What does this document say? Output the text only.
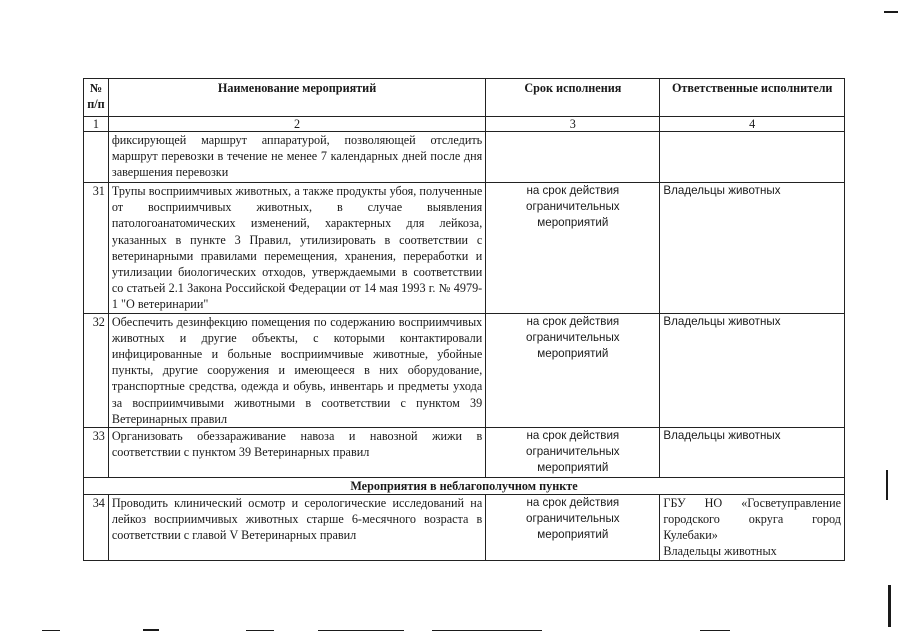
№ п/п	Наименование мероприятий	Срок исполнения	Ответственные исполнители
1	2	3	4
	фиксирующей маршрут аппаратурой, позволяющей отследить маршрут перевозки в течение не менее 7 календарных дней после дня завершения перевозки		
31	Трупы восприимчивых животных, а также продукты убоя, полученные от восприимчивых животных, в случае выявления патологоанатомических изменений, характерных для лейкоза, указанных в пункте 3 Правил, утилизировать в соответствии с ветеринарными правилами перемещения, хранения, переработки и утилизации биологических отходов, утверждаемыми в соответствии со статьей 2.1 Закона Российской Федерации от 14 мая 1993 г. № 4979-1 "О ветеринарии"	на срок действия ограничительных мероприятий	Владельцы животных
32	Обеспечить дезинфекцию помещения по содержанию восприимчивых животных и другие объекты, с которыми контактировали инфицированные и больные восприимчивые животные, убойные пункты, другие сооружения и имеющееся в них оборудование, транспортные средства, одежда и обувь, инвентарь и предметы ухода за восприимчивыми животными в соответствии с пунктом 39 Ветеринарных правил	на срок действия ограничительных мероприятий	Владельцы животных
33	Организовать обеззараживание навоза и навозной жижи в соответствии с пунктом 39 Ветеринарных правил	на срок действия ограничительных мероприятий	Владельцы животных
Мероприятия в неблагополучном пункте			
34	Проводить клинический осмотр и серологические исследований на лейкоз восприимчивых животных старше 6-месячного возраста в соответствии с главой V Ветеринарных правил	на срок действия ограничительных мероприятий	ГБУ НО «Госветуправление городского округа город Кулебаки»
Владельцы животных
